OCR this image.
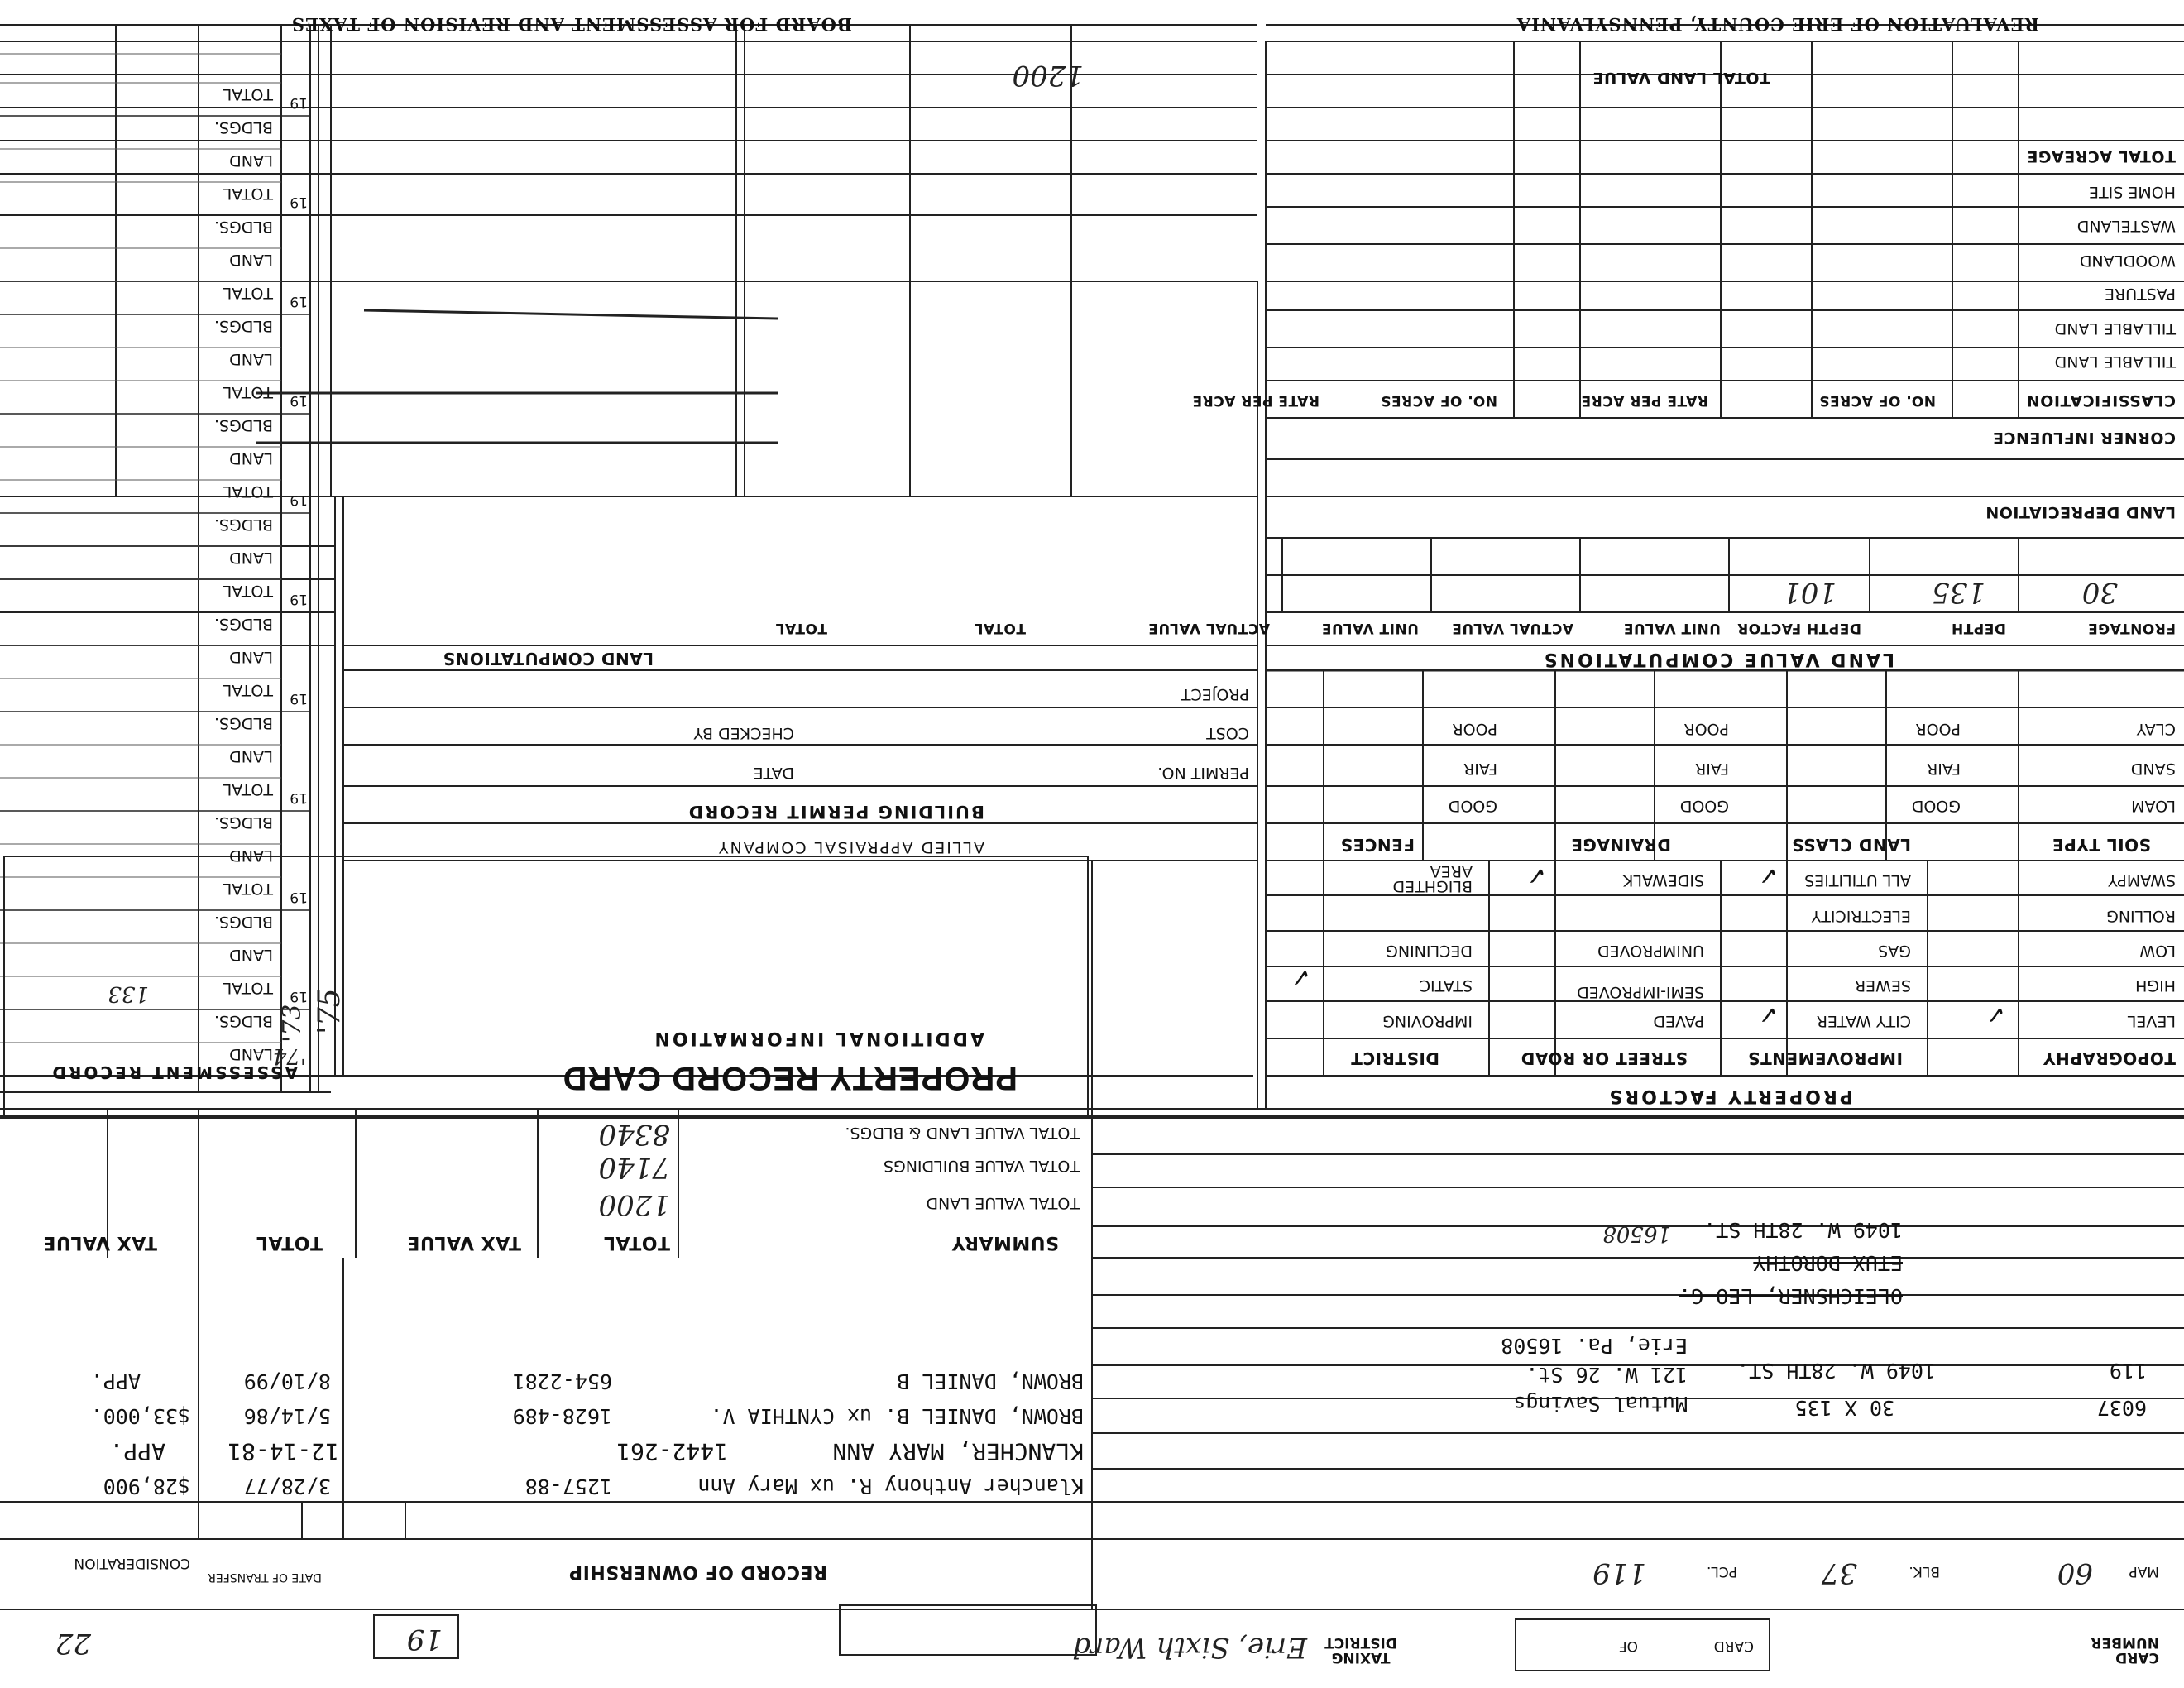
BOARD FOR ASSESSMENT AND REVISION OF TAXES	REVALUATION OF ERIE COUNTY, PENNSYLVANIA
CARD NUMBER
CARD
OF
TAXING DISTRICT
Erie, Sixth Ward
19
22
MAP
60
BLK.
37
PCL.
119
6037
119
30 X 135
1049 W. 28TH ST.
Mutual Savings
121 W. 26 St.
Erie, Pa. 16508
OLEICHSNER, LEO G.
ETUX DOROTHY
1049 W. 28TH ST.
16508
RECORD OF OWNERSHIP
DATE OF TRANSFER
CONSIDERATION
Klancher Anthony R. ux Mary Ann
1257-88
3/28/77
$28,900
KLANCHER, MARY ANN
1442-261
12-14-81
APP.
BROWN, DANIEL B. ux CYNTHIA V.
1628-489
5/14/86
$33,000.
BROWN, DANIEL B
654-2281
8/10/99
APP.
SUMMARY
TOTAL
TAX VALUE
TOTAL
TAX VALUE
TOTAL VALUE LAND
1200
TOTAL VALUE BUILDINGS
7140
TOTAL VALUE LAND & BLDGS.
8340
PROPERTY FACTORS
TOPOGRAPHY
IMPROVEMENTS
STREET OR ROAD
DISTRICT
LEVEL
HIGH
LOW
ROLLING
SWAMPY
CITY WATER
SEWER
GAS
ELECTRICITY
ALL UTILITIES
PAVED
SEMI-IMPROVED
UNIMPROVED
SIDEWALK
IMPROVING
STATIC
DECLINING
BLIGHTED AREA
✓
✓
✓
✓
✓
SOIL TYPE
LAND CLASS
DRAINAGE
FENCES
LOAM
SAND
CLAY
GOOD
FAIR
POOR
GOOD
FAIR
POOR
GOOD
FAIR
POOR
PROPERTY RECORD CARD
ADDITIONAL INFORMATION
ALLIED APPRAISAL COMPANY
BUILDING PERMIT RECORD
PERMIT NO.
DATE
COST
CHECKED BY
PROJECT
LAND VALUE COMPUTATIONS
LAND COMPUTATIONS
FRONTAGE
DEPTH
DEPTH FACTOR
UNIT VALUE
ACTUAL VALUE
UNIT VALUE
ACTUAL VALUE
TOTAL
TOTAL
30
135
101
LAND DEPRECIATION
CORNER INFLUENCE
CLASSIFICATION
NO. OF ACRES
RATE PER ACRE
NO. OF ACRES
RATE PER ACRE
TILLABLE LAND
TILLABLE LAND
PASTURE
WOODLAND
WASTELAND
HOME SITE
TOTAL ACREAGE
TOTAL LAND VALUE
1200
ASSESSMENT RECORD
19
LAND
BLDGS.
TOTAL
19
LAND
BLDGS.
TOTAL
19
LAND
BLDGS.
TOTAL
19
LAND
BLDGS.
TOTAL
19
LAND
BLDGS.
TOTAL
19
LAND
BLDGS.
TOTAL
19
LAND
BLDGS.
TOTAL
19
LAND
BLDGS.
TOTAL
19
LAND
BLDGS.
TOTAL
19
LAND
BLDGS.
TOTAL
'75
'73
'74
133
